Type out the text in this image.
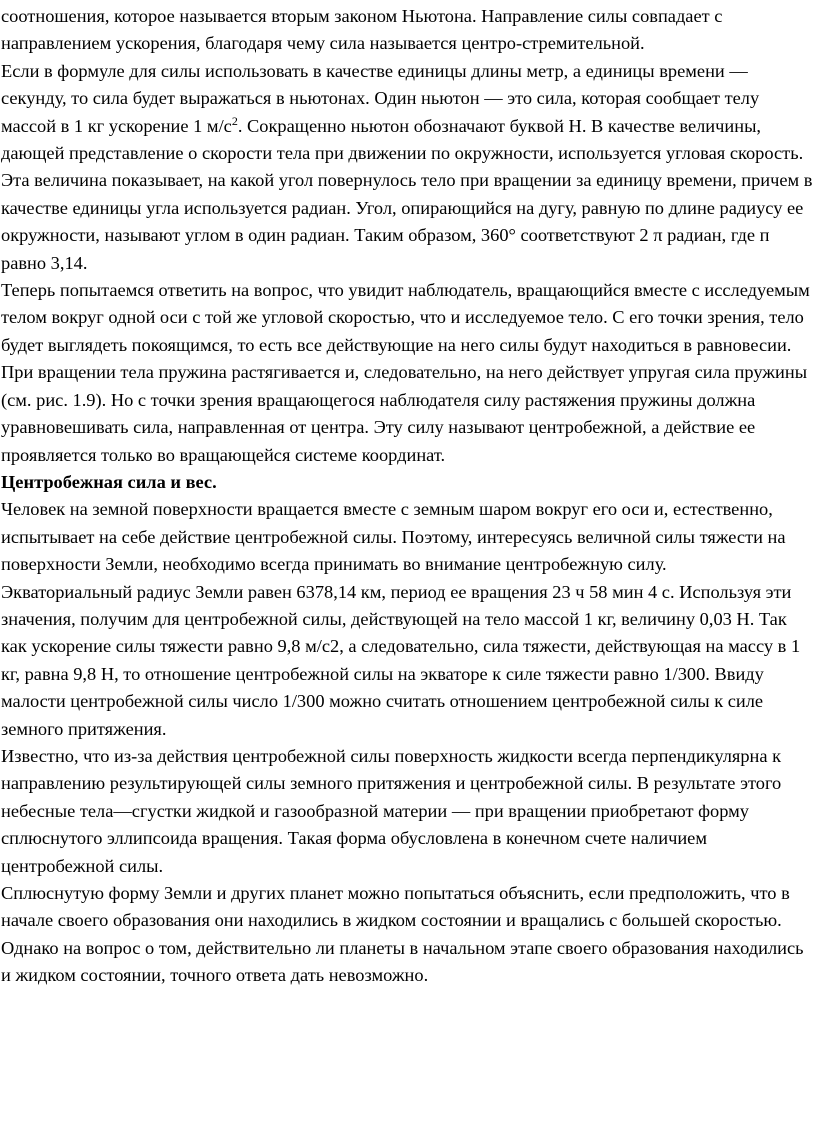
соотношения, которое называется вторым законом Ньютона. Направление силы совпадает с направлением ускорения, благодаря чему сила называется центро-стремительной.

Если в формуле для силы использовать в качестве единицы длины метр, а единицы времени — секунду, то сила будет выражаться в ньютонах. Один ньютон — это сила, которая сообщает телу массой в 1 кг ускорение 1 $м/с^2$. Сокращенно ньютон обозначают буквой Н. В качестве величины, дающей представление о скорости тела при движении по окружности, используется угловая скорость.

Эта величина показывает, на какой угол повернулось тело при вращении за единицу времени, причем в качестве единицы угла используется радиан. Угол, опирающийся на дугу, равную по длине радиусу ее окружности, называют углом в один радиан. Таким образом, 360° соответствуют 2 π радиан, где п равно 3,14.

Теперь попытаемся ответить на вопрос, что увидит наблюдатель, вращающийся вместе с исследуемым телом вокруг одной оси с той же угловой скоростью, что и исследуемое тело. С его точки зрения, тело будет выглядеть покоящимся, то есть все действующие на него силы будут находиться в равновесии. При вращении тела пружина растягивается и, следовательно, на него действует упругая сила пружины (см. рис. 1.9). Но с точки зрения вращающегося наблюдателя силу растяжения пружины должна уравновешивать сила, направленная от центра. Эту силу называют центробежной, а действие ее проявляется только во вращающейся системе координат.

Центробежная сила и вес.

Человек на земной поверхности вращается вместе с земным шаром вокруг его оси и, естественно, испытывает на себе действие центробежной силы. Поэтому, интересуясь величной силы тяжести на поверхности Земли, необходимо всегда принимать во внимание центробежную силу.

Экваториальный радиус Земли равен 6378,14 км, период ее вращения 23 ч 58 мин 4 с. Используя эти значения, получим для центробежной силы, действующей на тело массой 1 кг, величину 0,03 Н. Так как ускорение силы тяжести равно 9,8 м/с2, а следовательно, сила тяжести, действующая на массу в 1 кг, равна 9,8 Н, то отношение центробежной силы на экваторе к силе тяжести равно 1/300. Ввиду малости центробежной силы число 1/300 можно считать отношением центробежной силы к силе земного притяжения.

Известно, что из-за действия центробежной силы поверхность жидкости всегда перпендикулярна к направлению результирующей силы земного притяжения и центробежной силы. В результате этого небесные тела—сгустки жидкой и газообразной материи — при вращении приобретают форму сплюснутого эллипсоида вращения. Такая форма обусловлена в конечном счете наличием центробежной силы.

Сплюснутую форму Земли и других планет можно попытаться объяснить, если предположить, что в начале своего образования они находились в жидком состоянии и вращались с большей скоростью. Однако на вопрос о том, действительно ли планеты в начальном этапе своего образования находились и жидком состоянии, точного ответа дать невозможно.
